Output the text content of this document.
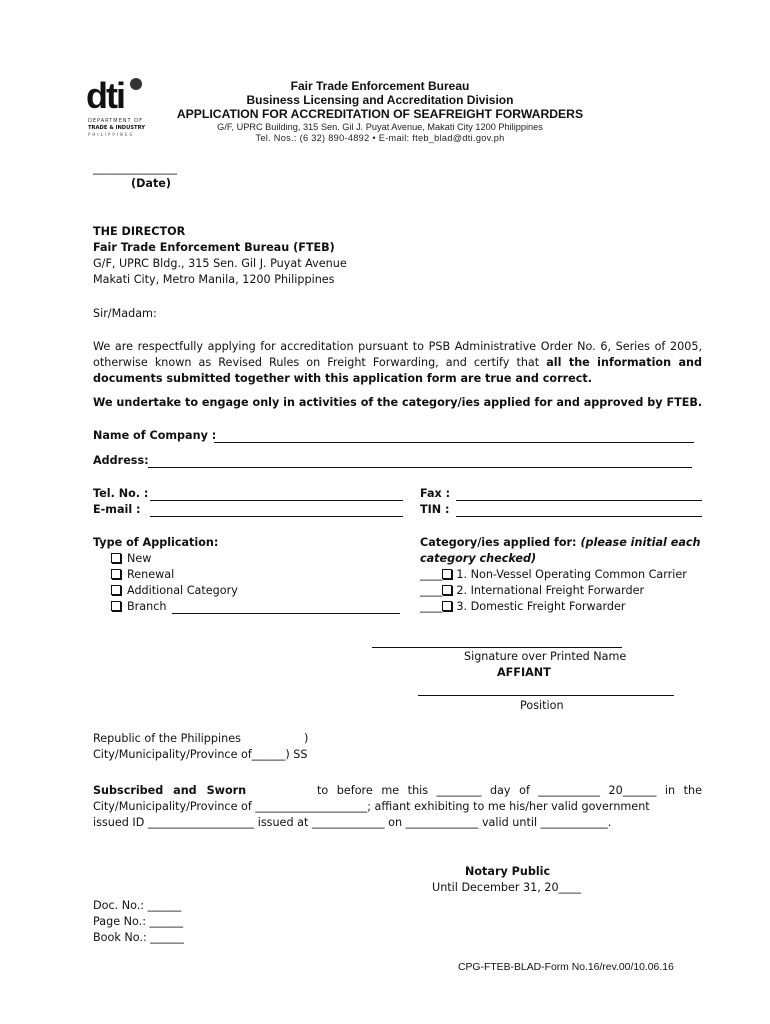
dti
DEPARTMENT OF
TRADE & INDUSTRY
PHILIPPINES
Fair Trade Enforcement Bureau
Business Licensing and Accreditation Division
APPLICATION FOR ACCREDITATION OF SEAFREIGHT FORWARDERS
G/F, UPRC Building, 315 Sen. Gil J. Puyat Avenue, Makati City 1200 Philippines
Tel. Nos.: (6 32) 890-4892 • E-mail: fteb_blad@dti.gov.ph
_______________
(Date)
THE DIRECTOR
Fair Trade Enforcement Bureau (FTEB)
G/F, UPRC Bldg., 315 Sen. Gil J. Puyat Avenue
Makati City, Metro Manila, 1200 Philippines
Sir/Madam:
We are respectfully applying for accreditation pursuant to PSB Administrative Order No. 6, Series of 2005, otherwise known as Revised Rules on Freight Forwarding, and certify that all the information and documents submitted together with this application form are true and correct.
We undertake to engage only in activities of the category/ies applied for and approved by FTEB.
Name of Company :
Address:
Tel. No. :
E-mail :
Fax :
TIN :
Type of Application:
New
Renewal
Additional Category
Branch
Category/ies applied for: (please initial each
category checked)
____ 1. Non-Vessel Operating Common Carrier
____ 2. International Freight Forwarder
____ 3. Domestic Freight Forwarder
Signature over Printed Name
AFFIANT
Position
Republic of the Philippines	)
City/Municipality/Province of______) SS
Subscribed and Sworn	to before me this ________ day of ___________ 20______ in the
City/Municipality/Province of ____________________; affiant exhibiting to me his/her valid government
issued ID ___________________ issued at _____________ on _____________ valid until ____________.
Notary Public
Until December 31, 20____
Doc. No.: ______
Page No.: ______
Book No.: ______
CPG-FTEB-BLAD-Form No.16/rev.00/10.06.16
